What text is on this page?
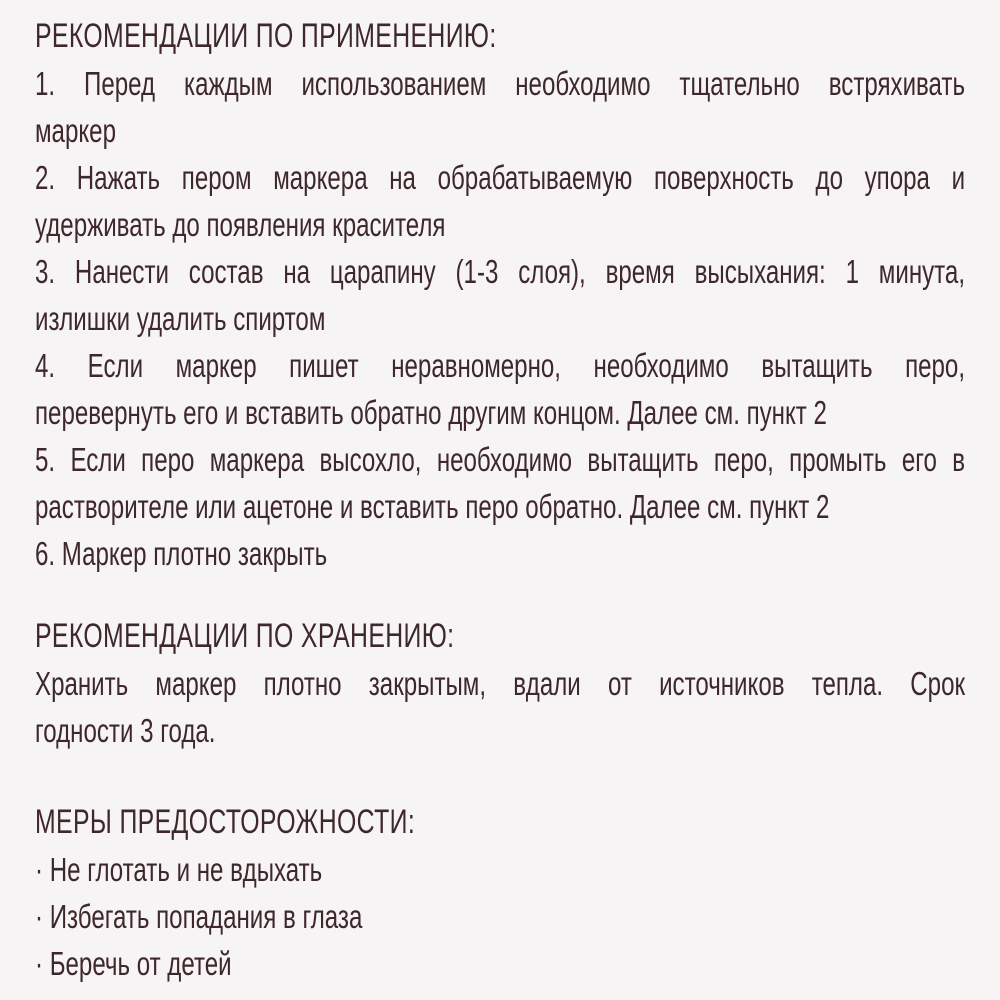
РЕКОМЕНДАЦИИ ПО ПРИМЕНЕНИЮ:
1. Перед каждым использованием необходимо тщательно встряхивать
маркер
2. Нажать пером маркера на обрабатываемую поверхность до упора и
удерживать до появления красителя
3. Нанести состав на царапину (1-3 слоя), время высыхания: 1 минута,
излишки удалить спиртом
4. Если маркер пишет неравномерно, необходимо вытащить перо,
перевернуть его и вставить обратно другим концом. Далее см. пункт 2
5. Если перо маркера высохло, необходимо вытащить перо, промыть его в
растворителе или ацетоне и вставить перо обратно. Далее см. пункт 2
6. Маркер плотно закрыть
РЕКОМЕНДАЦИИ ПО ХРАНЕНИЮ:
Хранить маркер плотно закрытым, вдали от источников тепла. Срок
годности 3 года.
МЕРЫ ПРЕДОСТОРОЖНОСТИ:
· Не глотать и не вдыхать
· Избегать попадания в глаза
· Беречь от детей
